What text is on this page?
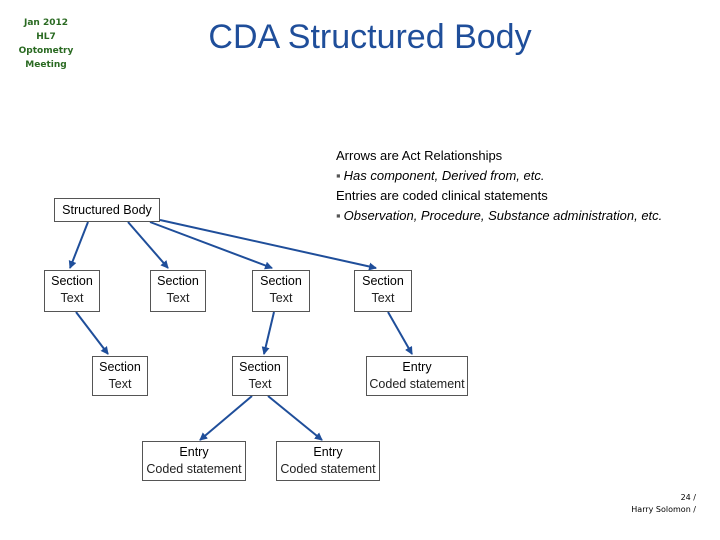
Jan 2012
HL7
Optometry
Meeting
CDA Structured Body
Arrows are Act Relationships
▪ Has component, Derived from, etc.
Entries are coded clinical statements
▪ Observation, Procedure, Substance administration, etc.
Structured Body
Section
Text
Section
Text
Section
Text
Section
Text
Section
Text
Section
Text
Entry
Coded statement
Entry
Coded statement
Entry
Coded statement
24 /
Harry Solomon /
